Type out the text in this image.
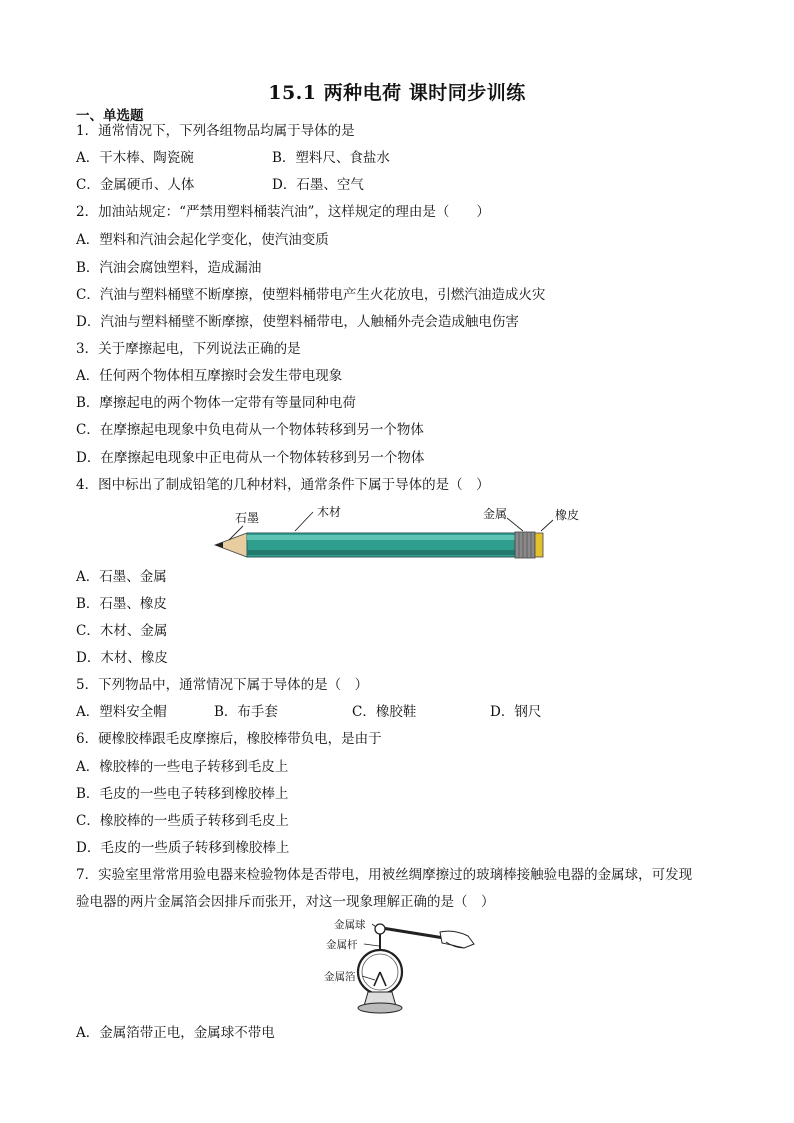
15.1 两种电荷 课时同步训练
一、单选题
1．通常情况下，下列各组物品均属于导体的是
A．干木棒、陶瓷碗	B．塑料尺、食盐水
C．金属硬币、人体	D．石墨、空气
2．加油站规定：“严禁用塑料桶装汽油”，这样规定的理由是（　　）
A．塑料和汽油会起化学变化，使汽油变质
B．汽油会腐蚀塑料，造成漏油
C．汽油与塑料桶壁不断摩擦，使塑料桶带电产生火花放电，引燃汽油造成火灾
D．汽油与塑料桶壁不断摩擦，使塑料桶带电，人触桶外壳会造成触电伤害
3．关于摩擦起电，下列说法正确的是
A．任何两个物体相互摩擦时会发生带电现象
B．摩擦起电的两个物体一定带有等量同种电荷
C．在摩擦起电现象中负电荷从一个物体转移到另一个物体
D．在摩擦起电现象中正电荷从一个物体转移到另一个物体
4．图中标出了制成铅笔的几种材料，通常条件下属于导体的是（　）
石墨	木材	金属	橡皮
A．石墨、金属
B．石墨、橡皮
C．木材、金属
D．木材、橡皮
5．下列物品中，通常情况下属于导体的是（　）
A．塑料安全帽	B．布手套	C．橡胶鞋	D．钢尺
6．硬橡胶棒跟毛皮摩擦后，橡胶棒带负电，是由于
A．橡胶棒的一些电子转移到毛皮上
B．毛皮的一些电子转移到橡胶棒上
C．橡胶棒的一些质子转移到毛皮上
D．毛皮的一些质子转移到橡胶棒上
7．实验室里常常用验电器来检验物体是否带电，用被丝绸摩擦过的玻璃棒接触验电器的金属球，可发现
验电器的两片金属箔会因排斥而张开，对这一现象理解正确的是（　）
金属球
金属杆
金属箔
A．金属箔带正电，金属球不带电
